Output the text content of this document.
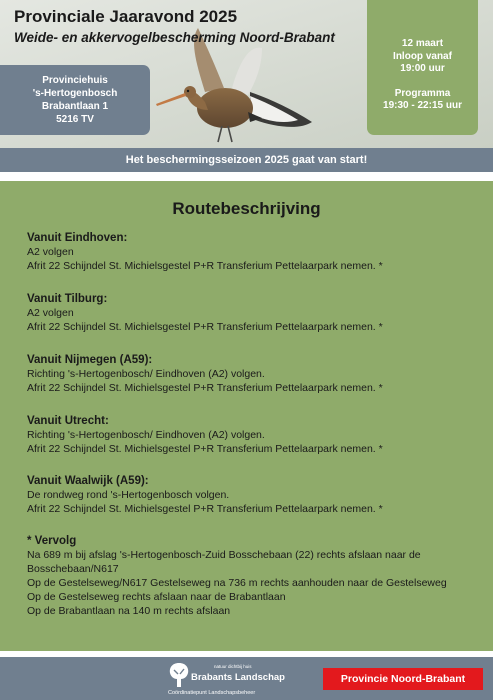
Provinciale Jaaravond 2025
Weide- en akkervogelbescherming Noord-Brabant
Provinciehuis
's-Hertogenbosch
Brabantlaan 1
5216 TV
12 maart
Inloop vanaf
19:00 uur
Programma
19:30 - 22:15 uur
Het beschermingsseizoen 2025 gaat van start!
Routebeschrijving
Vanuit Eindhoven:

A2 volgen

Afrit 22 Schijndel St. Michielsgestel P+R Transferium Pettelaarpark nemen. *

Vanuit Tilburg:

A2 volgen

Afrit 22 Schijndel St. Michielsgestel P+R Transferium Pettelaarpark nemen. *

Vanuit Nijmegen (A59):

Richting 's-Hertogenbosch/ Eindhoven (A2) volgen.

Afrit 22 Schijndel St. Michielsgestel P+R Transferium Pettelaarpark nemen. *

Vanuit Utrecht:

Richting 's-Hertogenbosch/ Eindhoven (A2) volgen.

Afrit 22 Schijndel St. Michielsgestel P+R Transferium Pettelaarpark nemen. *

Vanuit Waalwijk (A59):

De rondweg rond 's-Hertogenbosch volgen.

Afrit 22 Schijndel St. Michielsgestel P+R Transferium Pettelaarpark nemen. *

* Vervolg

Na 689 m bij afslag 's-Hertogenbosch-Zuid Bosschebaan (22) rechts afslaan naar de

Bosschebaan/N617

Op de Gestelseweg/N617 Gestelseweg na 736 m rechts aanhouden naar de Gestelseweg

Op de Gestelseweg rechts afslaan naar de Brabantlaan

Op de Brabantlaan na 140 m rechts afslaan

natuur dichtbij huis
Brabants Landschap
Coördinatiepunt Landschapsbeheer
Provincie Noord-Brabant
